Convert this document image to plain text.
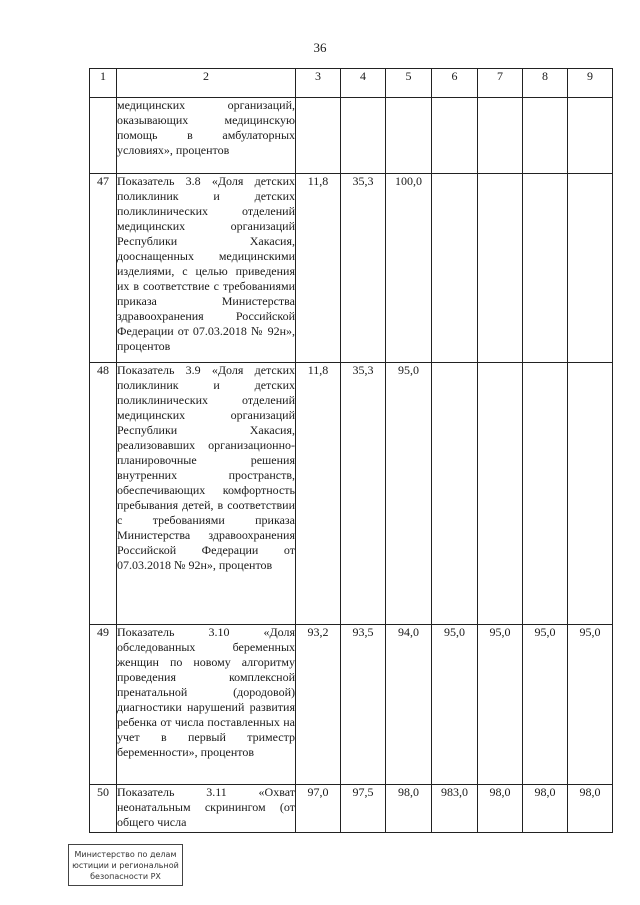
36
1	2	3	4	5	6	7	8	9
	медицинских организаций, оказывающих медицинскую помощь в амбулаторных условиях», процентов							
47	Показатель 3.8 «Доля детских поликлиник и детских поликлинических отделений медицинских организаций Республики Хакасия, дооснащенных медицинскими изделиями, с целью приведения их в соответствие с требованиями приказа Министерства здравоохранения Российской Федерации от 07.03.2018 № 92н», процентов	11,8	35,3	100,0				
48	Показатель 3.9 «Доля детских поликлиник и детских поликлинических отделений медицинских организаций Республики Хакасия, реализовавших организационно-планировочные решения внутренних пространств, обеспечивающих комфортность пребывания детей, в соответствии с требованиями приказа Министерства здравоохранения Российской Федерации от 07.03.2018 № 92н», процентов	11,8	35,3	95,0				
49	Показатель 3.10 «Доля обследованных беременных женщин по новому алгоритму проведения комплексной пренатальной (дородовой) диагностики нарушений развития ребенка от числа поставленных на учет в первый триместр беременности», процентов	93,2	93,5	94,0	95,0	95,0	95,0	95,0
50	Показатель 3.11 «Охват неонатальным скринингом (от общего числа	97,0	97,5	98,0	983,0	98,0	98,0	98,0
Министерство по делам
юстиции и региональной
безопасности РХ
